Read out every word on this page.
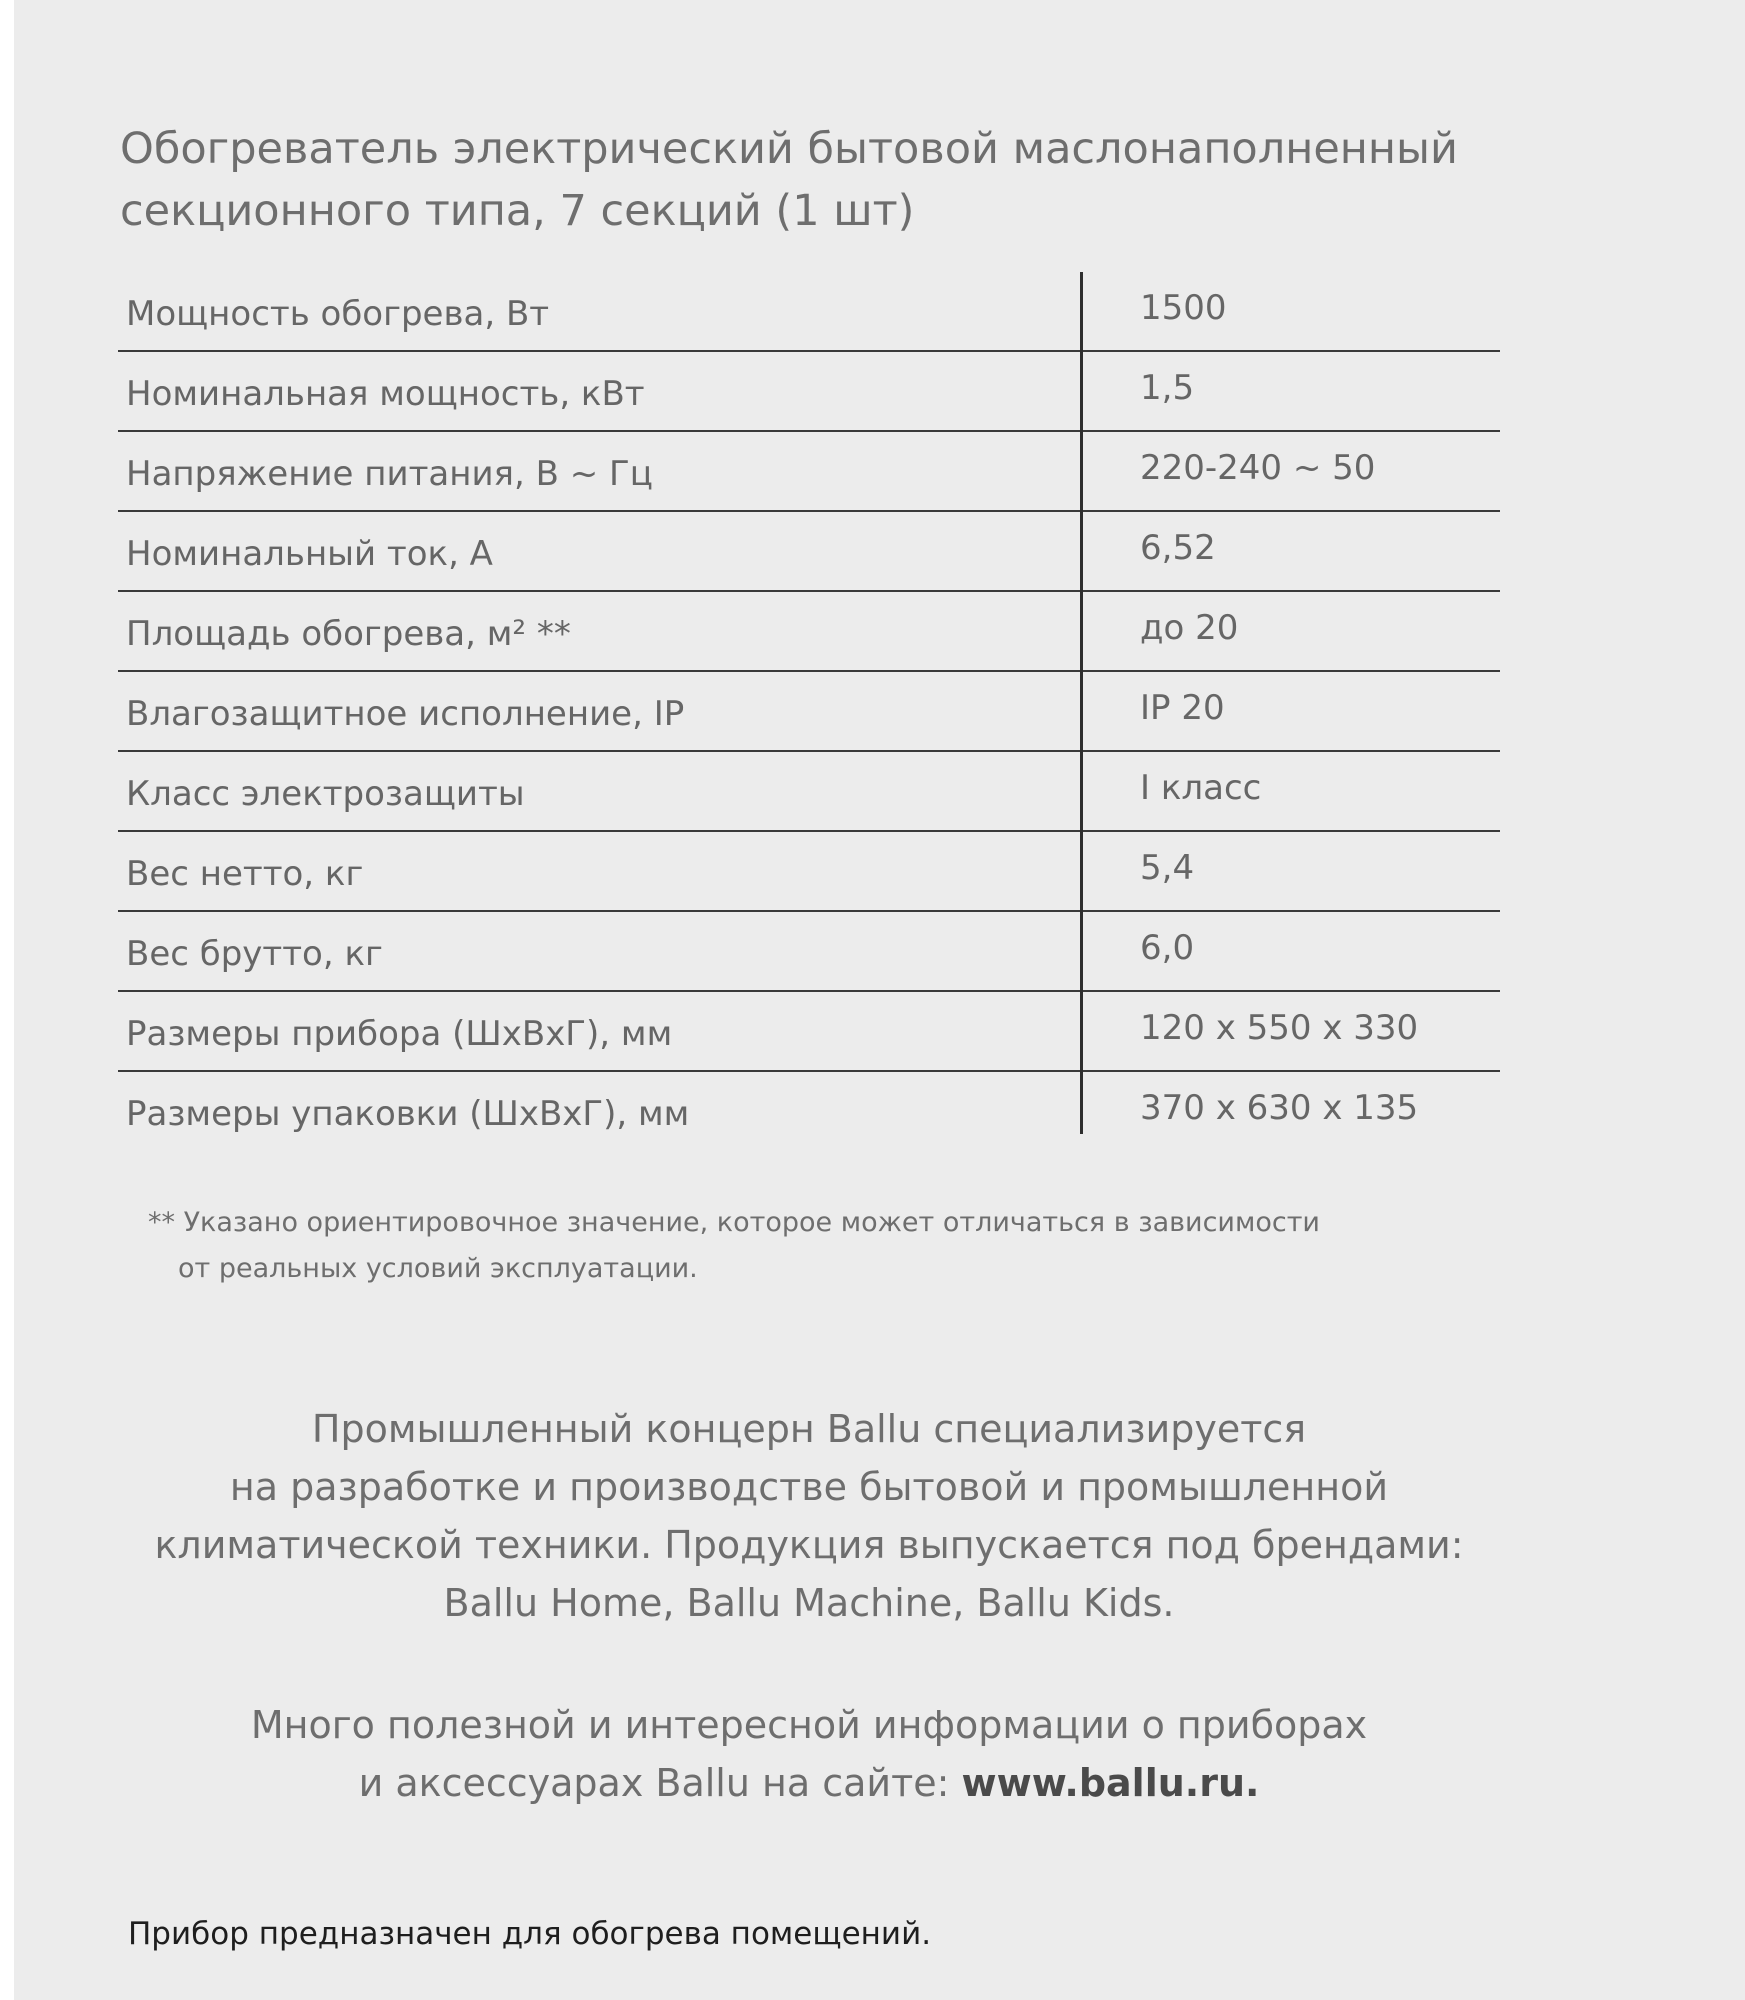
Обогреватель электрический бытовой маслонаполненный
секционного типа, 7 секций (1 шт)
Мощность обогрева, Вт	1500
Номинальная мощность, кВт	1,5
Напряжение питания, В ~ Гц	220-240 ~ 50
Номинальный ток, А	6,52
Площадь обогрева, м² **	до 20
Влагозащитное исполнение, IP	IP 20
Класс электрозащиты	I класс
Вес нетто, кг	5,4
Вес брутто, кг	6,0
Размеры прибора (ШхВхГ), мм	120 x 550 x 330
Размеры упаковки (ШхВхГ), мм	370 x 630 x 135
** Указано ориентировочное значение, которое может отличаться в зависимости
от реальных условий эксплуатации.
Промышленный концерн Ballu специализируется
на разработке и производстве бытовой и промышленной
климатической техники. Продукция выпускается под брендами:
Ballu Home, Ballu Machine, Ballu Kids.
Много полезной и интересной информации о приборах
и аксессуарах Ballu на сайте: www.ballu.ru.
Прибор предназначен для обогрева помещений.
